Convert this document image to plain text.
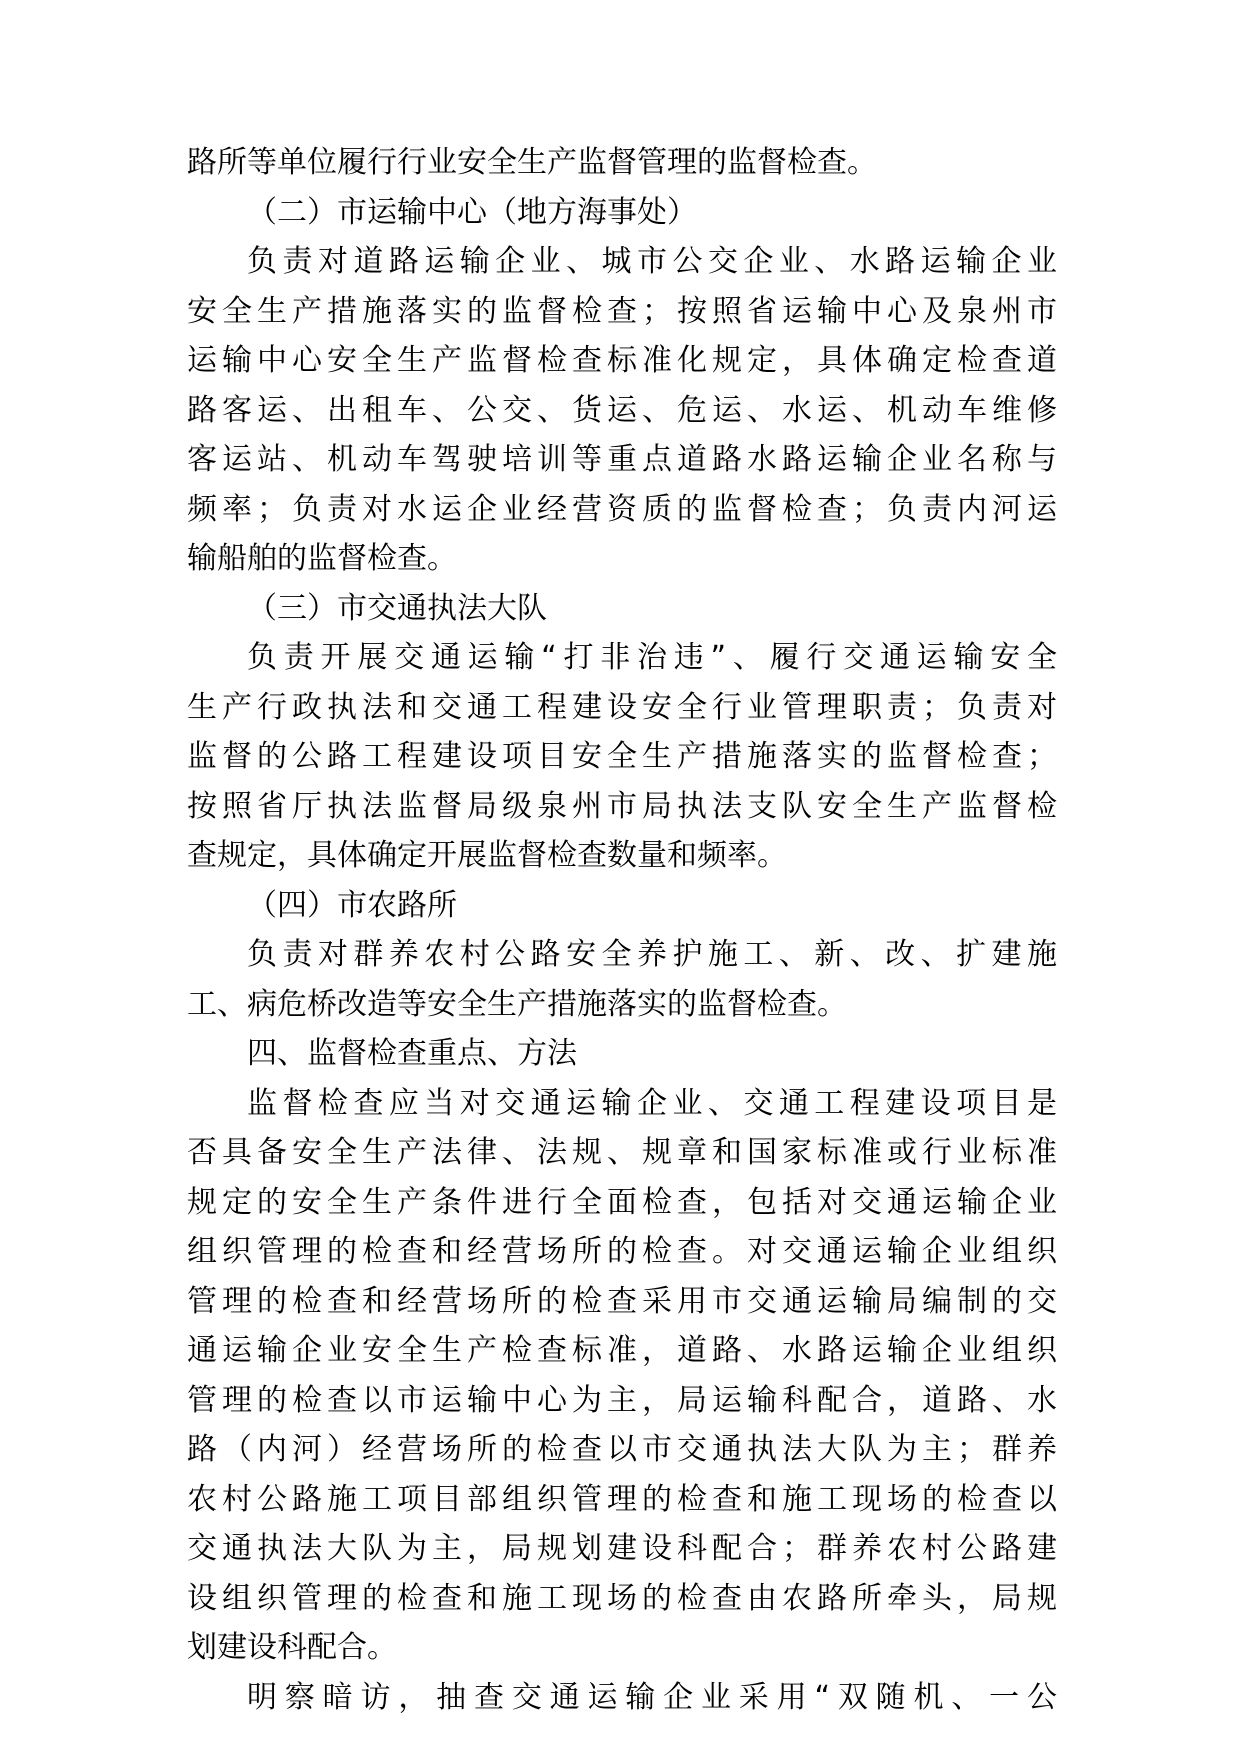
路所等单位履行行业安全生产监督管理的监督检查。
（二）市运输中心（地方海事处）
负责对道路运输企业、城市公交企业、水路运输企业
安全生产措施落实的监督检查；按照省运输中心及泉州市
运输中心安全生产监督检查标准化规定，具体确定检查道
路客运、出租车、公交、货运、危运、水运、机动车维修
客运站、机动车驾驶培训等重点道路水路运输企业名称与
频率；负责对水运企业经营资质的监督检查；负责内河运
输船舶的监督检查。
（三）市交通执法大队
负责开展交通运输“打非治违”、履行交通运输安全
生产行政执法和交通工程建设安全行业管理职责；负责对
监督的公路工程建设项目安全生产措施落实的监督检查；
按照省厅执法监督局级泉州市局执法支队安全生产监督检
查规定，具体确定开展监督检查数量和频率。
（四）市农路所
负责对群养农村公路安全养护施工、新、改、扩建施
工、病危桥改造等安全生产措施落实的监督检查。
四、监督检查重点、方法
监督检查应当对交通运输企业、交通工程建设项目是
否具备安全生产法律、法规、规章和国家标准或行业标准
规定的安全生产条件进行全面检查，包括对交通运输企业
组织管理的检查和经营场所的检查。对交通运输企业组织
管理的检查和经营场所的检查采用市交通运输局编制的交
通运输企业安全生产检查标准，道路、水路运输企业组织
管理的检查以市运输中心为主，局运输科配合，道路、水
路（内河）经营场所的检查以市交通执法大队为主；群养
农村公路施工项目部组织管理的检查和施工现场的检查以
交通执法大队为主，局规划建设科配合；群养农村公路建
设组织管理的检查和施工现场的检查由农路所牵头，局规
划建设科配合。
明察暗访，抽查交通运输企业采用“双随机、一公
